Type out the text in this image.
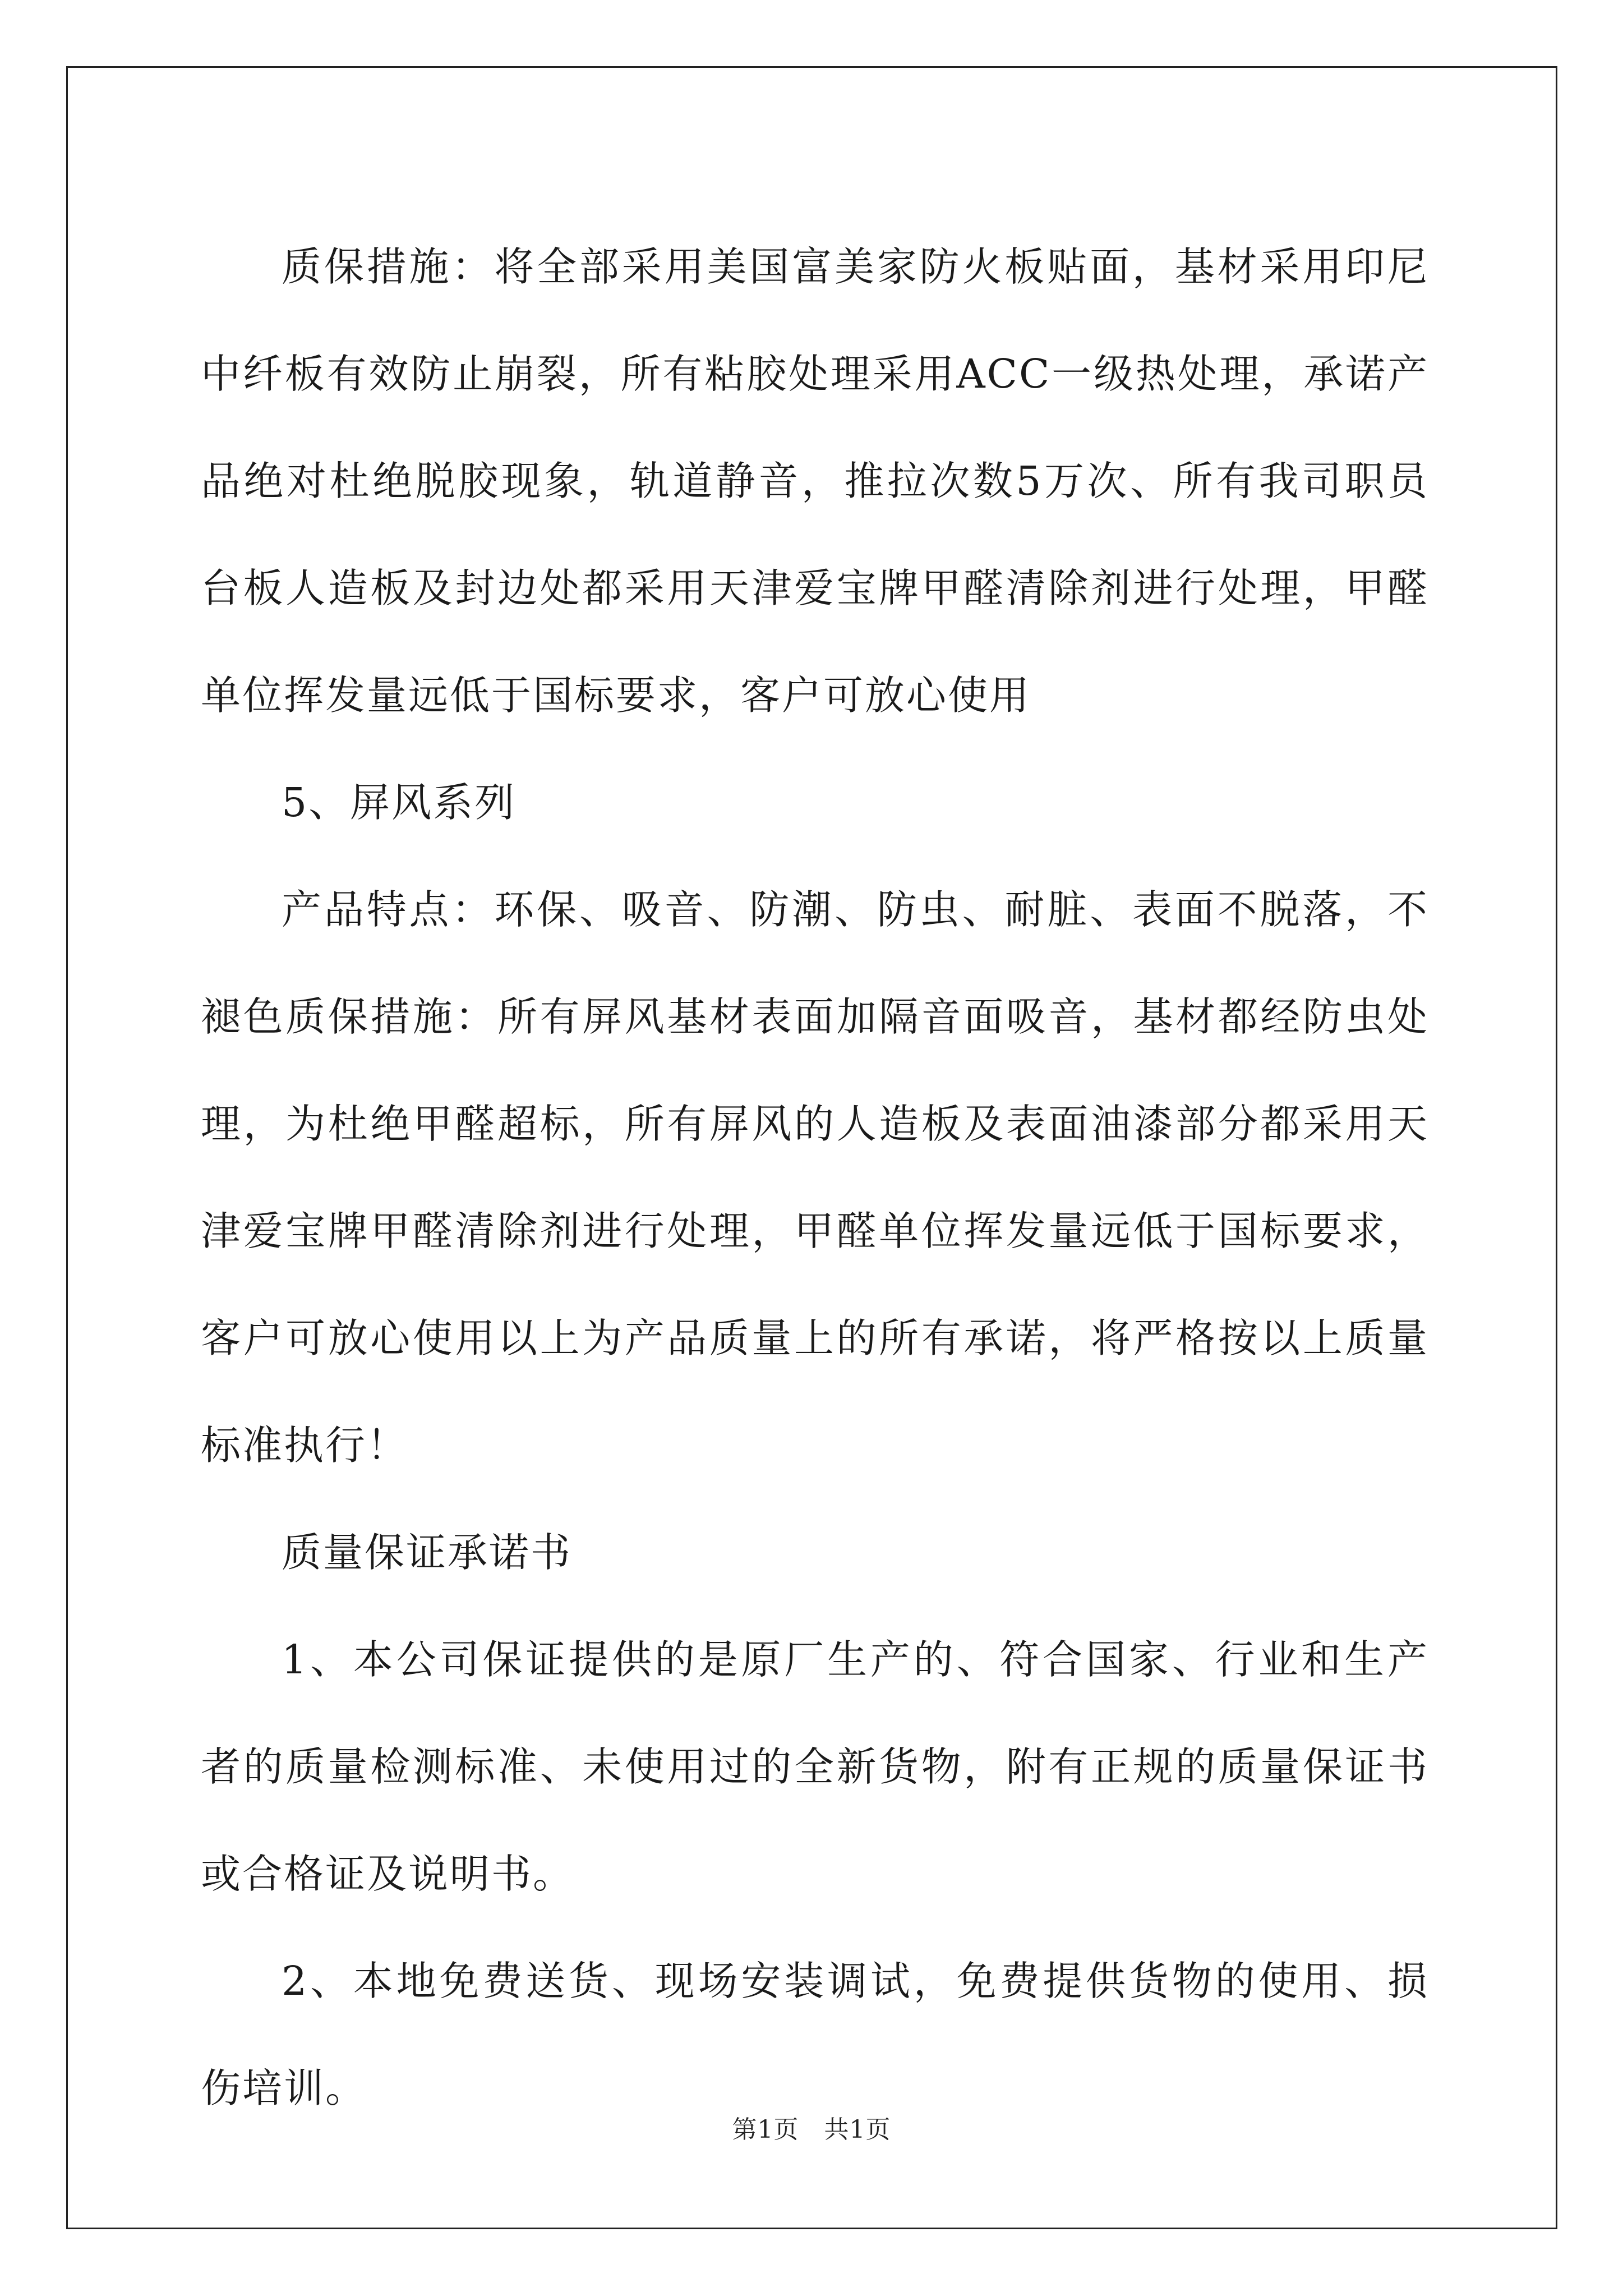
质保措施：将全部采用美国富美家防火板贴面，基材采用印尼中纤板有效防止崩裂，所有粘胶处理采用ACC一级热处理，承诺产品绝对杜绝脱胶现象，轨道静音，推拉次数5万次、所有我司职员台板人造板及封边处都采用天津爱宝牌甲醛清除剂进行处理，甲醛单位挥发量远低于国标要求，客户可放心使用

5、屏风系列

产品特点：环保、吸音、防潮、防虫、耐脏、表面不脱落，不褪色质保措施：所有屏风基材表面加隔音面吸音，基材都经防虫处理，为杜绝甲醛超标，所有屏风的人造板及表面油漆部分都采用天津爱宝牌甲醛清除剂进行处理，甲醛单位挥发量远低于国标要求，客户可放心使用以上为产品质量上的所有承诺，将严格按以上质量标准执行！

质量保证承诺书

1、本公司保证提供的是原厂生产的、符合国家、行业和生产者的质量检测标准、未使用过的全新货物，附有正规的质量保证书或合格证及说明书。

2、本地免费送货、现场安装调试，免费提供货物的使用、损伤培训。

第1页　共1页
